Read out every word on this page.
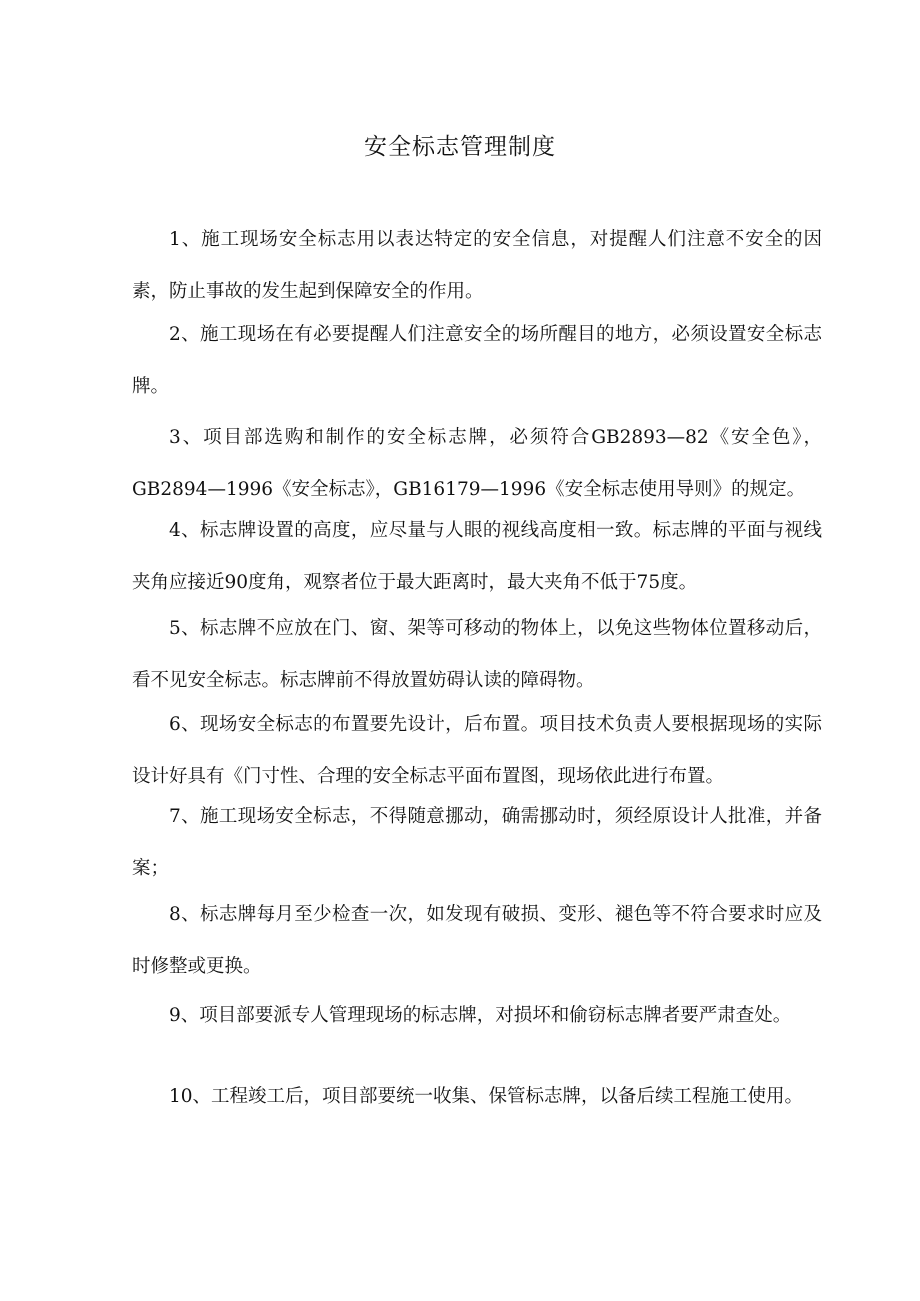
安全标志管理制度

1、施工现场安全标志用以表达特定的安全信息，对提醒人们注意不安全的因素，防止事故的发生起到保障安全的作用。

2、施工现场在有必要提醒人们注意安全的场所醒目的地方，必须设置安全标志牌。

3、项目部选购和制作的安全标志牌，必须符合GB2893—82《安全色》，GB2894—1996《安全标志》，GB16179—1996《安全标志使用导则》的规定。

4、标志牌设置的高度，应尽量与人眼的视线高度相一致。标志牌的平面与视线夹角应接近90度角，观察者位于最大距离时，最大夹角不低于75度。

5、标志牌不应放在门、窗、架等可移动的物体上，以免这些物体位置移动后，看不见安全标志。标志牌前不得放置妨碍认读的障碍物。

6、现场安全标志的布置要先设计，后布置。项目技术负责人要根据现场的实际设计好具有《门寸性、合理的安全标志平面布置图，现场依此进行布置。

7、施工现场安全标志，不得随意挪动，确需挪动时，须经原设计人批准，并备案；

8、标志牌每月至少检查一次，如发现有破损、变形、褪色等不符合要求时应及时修整或更换。

9、项目部要派专人管理现场的标志牌，对损坏和偷窃标志牌者要严肃查处。

10、工程竣工后，项目部要统一收集、保管标志牌，以备后续工程施工使用。
